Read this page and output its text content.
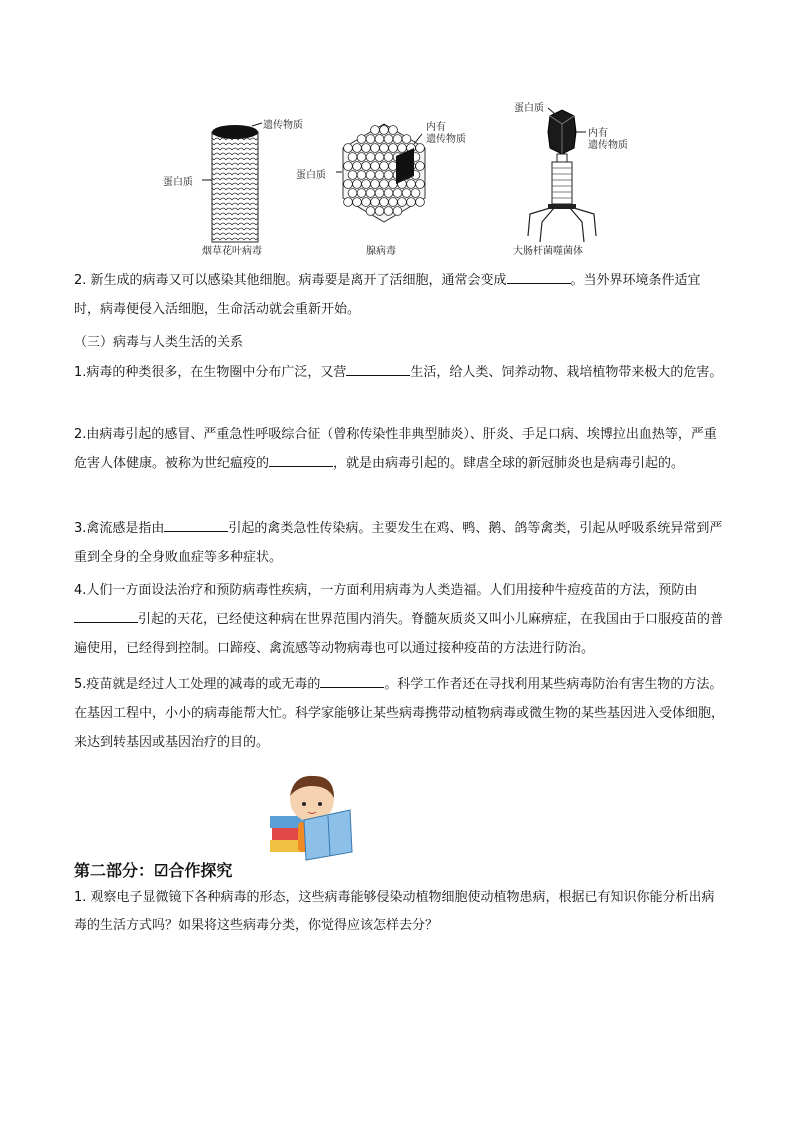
遗传物质
蛋白质
烟草花叶病毒
内有
遗传物质
蛋白质
腺病毒
蛋白质
内有
遗传物质
大肠杆菌噬菌体

2. 新生成的病毒又可以感染其他细胞。病毒要是离开了活细胞，通常会变成	。当外界环境条件适宜时，病毒便侵入活细胞，生命活动就会重新开始。

（三）病毒与人类生活的关系

1.病毒的种类很多，在生物圈中分布广泛，又营	生活，给人类、饲养动物、栽培植物带来极大的危害。

2.由病毒引起的感冒、严重急性呼吸综合征（曾称传染性非典型肺炎）、肝炎、手足口病、埃博拉出血热等，严重危害人体健康。被称为世纪瘟疫的	，就是由病毒引起的。肆虐全球的新冠肺炎也是病毒引起的。

3.禽流感是指由	引起的禽类急性传染病。主要发生在鸡、鸭、鹅、鸽等禽类，引起从呼吸系统异常到严重到全身的全身败血症等多种症状。

4.人们一方面设法治疗和预防病毒性疾病，一方面利用病毒为人类造福。人们用接种牛痘疫苗的方法，预防由引起的天花，已经使这种病在世界范围内消失。脊髓灰质炎又叫小儿麻痹症，在我国由于口服疫苗的普遍使用，已经得到控制。口蹄疫、禽流感等动物病毒也可以通过接种疫苗的方法进行防治。

5.疫苗就是经过人工处理的减毒的或无毒的	。科学工作者还在寻找利用某些病毒防治有害生物的方法。在基因工程中，小小的病毒能帮大忙。科学家能够让某些病毒携带动植物病毒或微生物的某些基因进入受体细胞，来达到转基因或基因治疗的目的。

第二部分：☑合作探究

1. 观察电子显微镜下各种病毒的形态，这些病毒能够侵染动植物细胞使动植物患病，根据已有知识你能分析出病毒的生活方式吗？如果将这些病毒分类，你觉得应该怎样去分？
